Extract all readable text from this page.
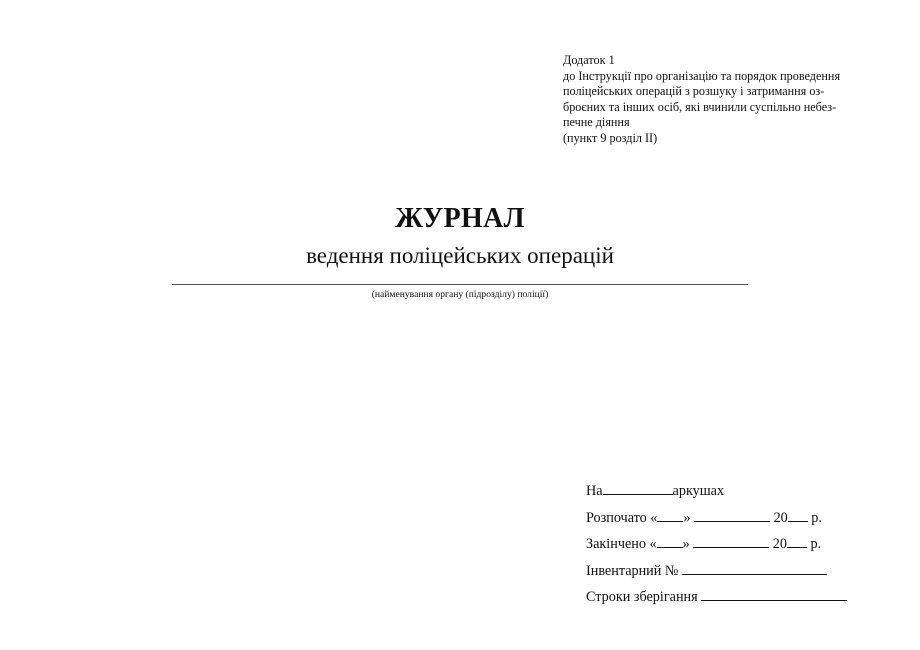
Додаток 1
до Інструкції про організацію та порядок проведення
поліцейських операцій з розшуку і затримання оз-
броєних та інших осіб, які вчинили суспільно небез-
печне діяння
(пункт 9 розділ ІІ)
ЖУРНАЛ
ведення поліцейських операцій
(найменування органу (підрозділу) поліції)
На	аркушах
Розпочато « »	20 р.
Закінчено « »	20 р.
Інвентарний №
Строки зберігання
